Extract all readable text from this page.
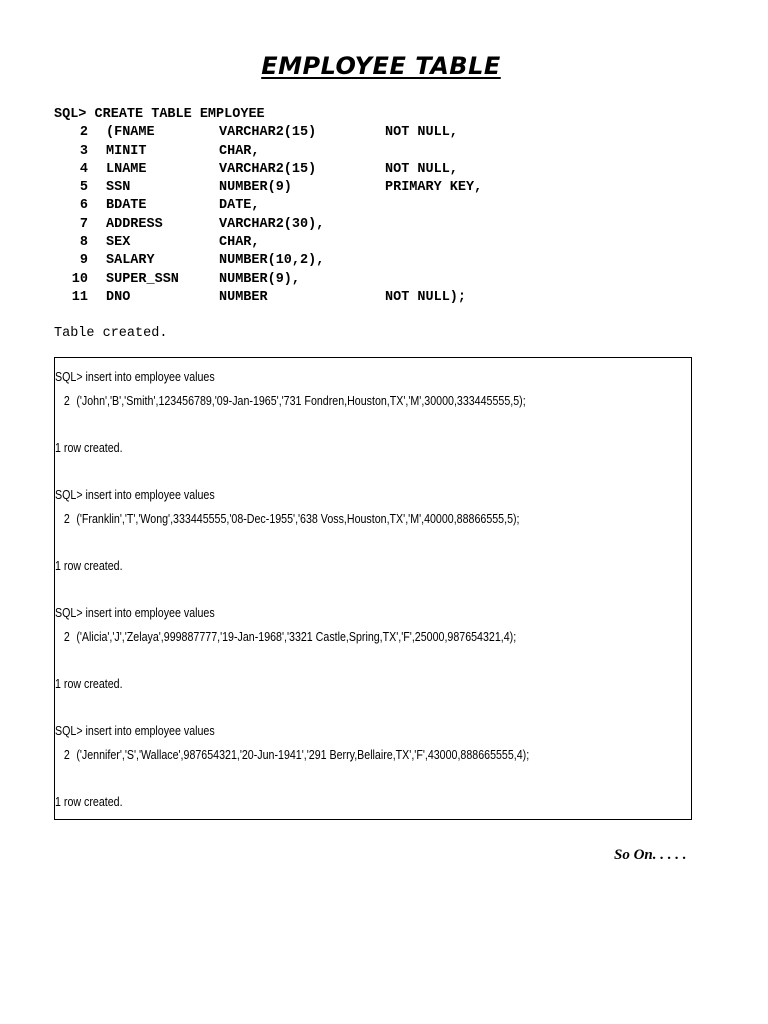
EMPLOYEE TABLE
SQL> CREATE TABLE EMPLOYEE
2 (FNAME	VARCHAR2(15)	NOT NULL,
3 MINIT	CHAR,
4 LNAME	VARCHAR2(15)	NOT NULL,
5 SSN	NUMBER(9)	PRIMARY KEY,
6 BDATE	DATE,
7 ADDRESS	VARCHAR2(30),
8 SEX	CHAR,
9 SALARY	NUMBER(10,2),
10 SUPER_SSN	NUMBER(9),
11 DNO	NUMBER	NOT NULL);
Table created.
SQL> insert into employee values
2 ('John','B','Smith',123456789,'09-Jan-1965','731 Fondren,Houston,TX','M',30000,333445555,5);
1 row created.
SQL> insert into employee values
2 ('Franklin','T','Wong',333445555,'08-Dec-1955','638 Voss,Houston,TX','M',40000,88866555,5);
1 row created.
SQL> insert into employee values
2 ('Alicia','J','Zelaya',999887777,'19-Jan-1968','3321 Castle,Spring,TX','F',25000,987654321,4);
1 row created.
SQL> insert into employee values
2 ('Jennifer','S','Wallace',987654321,'20-Jun-1941','291 Berry,Bellaire,TX','F',43000,888665555,4);
1 row created.
So On. . . . .
